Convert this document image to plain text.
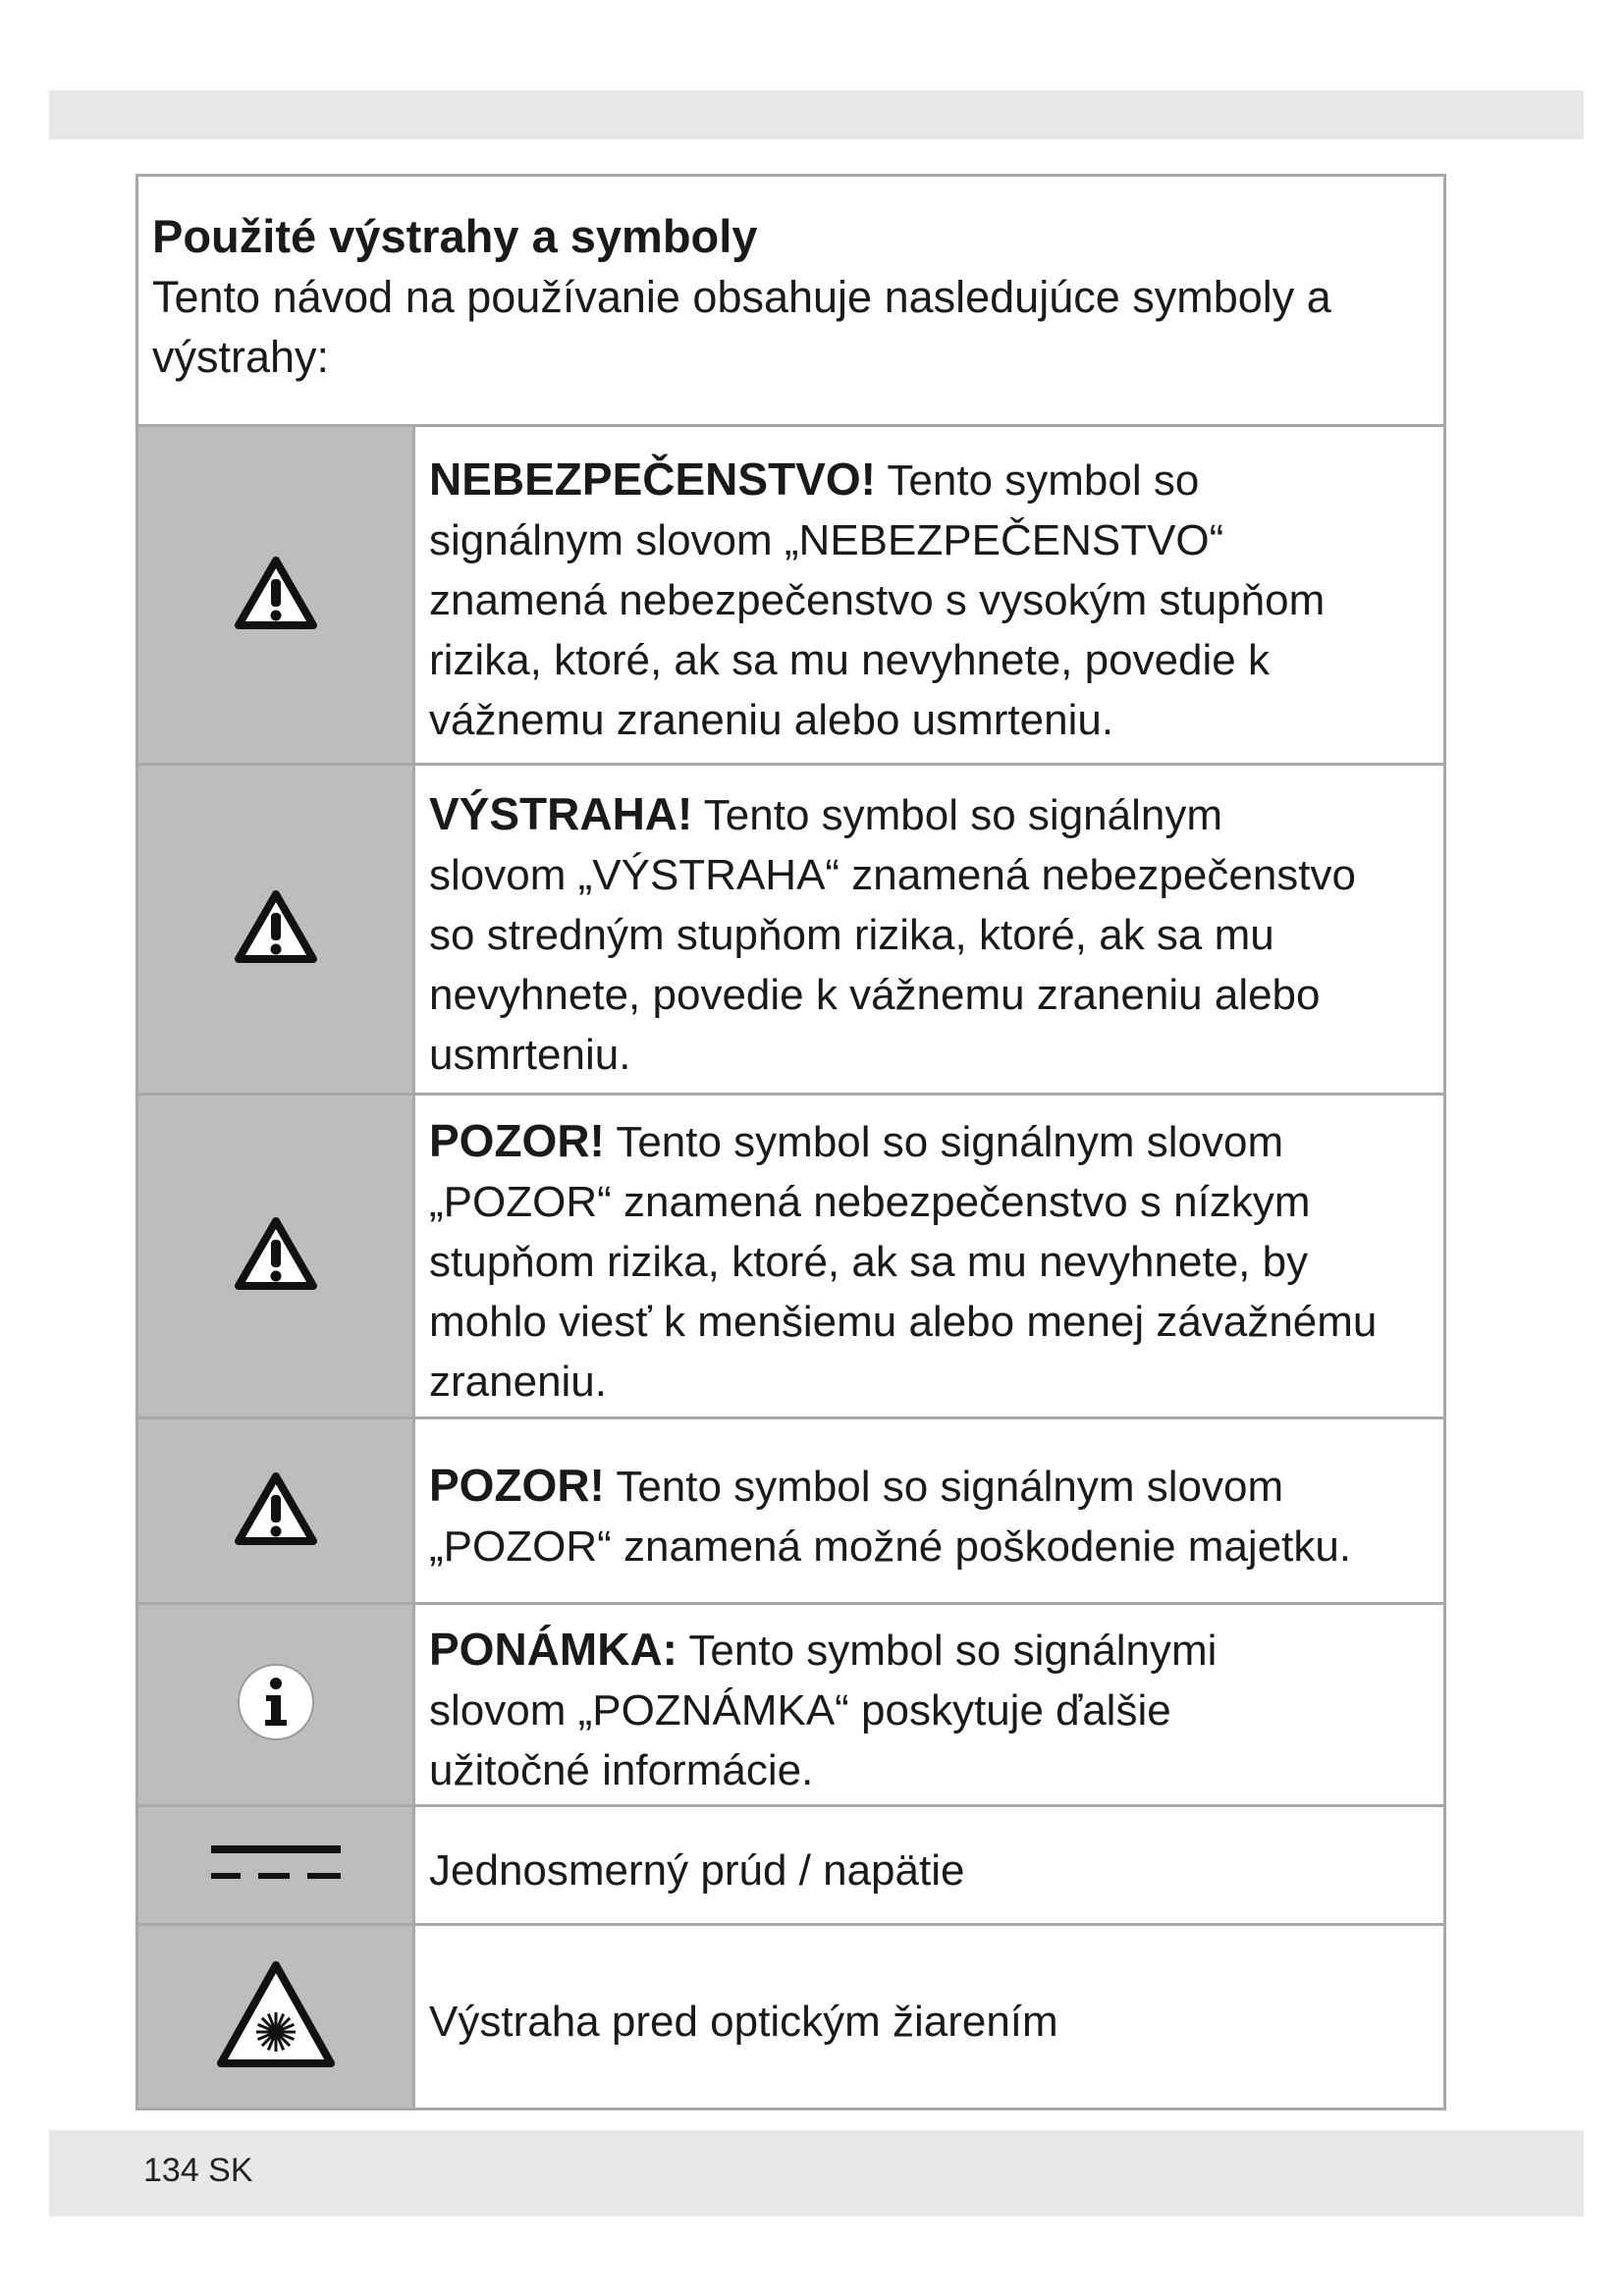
Použité výstrahy a symboly
Tento návod na používanie obsahuje nasledujúce symboly a
výstrahy:
NEBEZPEČENSTVO! Tento symbol so
signálnym slovom „NEBEZPEČENSTVO“
znamená nebezpečenstvo s vysokým stupňom
rizika, ktoré, ak sa mu nevyhnete, povedie k
vážnemu zraneniu alebo usmrteniu.
VÝSTRAHA! Tento symbol so signálnym
slovom „VÝSTRAHA“ znamená nebezpečenstvo
so stredným stupňom rizika, ktoré, ak sa mu
nevyhnete, povedie k vážnemu zraneniu alebo
usmrteniu.
POZOR! Tento symbol so signálnym slovom
„POZOR“ znamená nebezpečenstvo s nízkym
stupňom rizika, ktoré, ak sa mu nevyhnete, by
mohlo viesť k menšiemu alebo menej závažnému
zraneniu.
POZOR! Tento symbol so signálnym slovom
„POZOR“ znamená možné poškodenie majetku.
PONÁMKA: Tento symbol so signálnymi
slovom „POZNÁMKA“ poskytuje ďalšie
užitočné informácie.
Jednosmerný prúd / napätie
Výstraha pred optickým žiarením
134 SK
